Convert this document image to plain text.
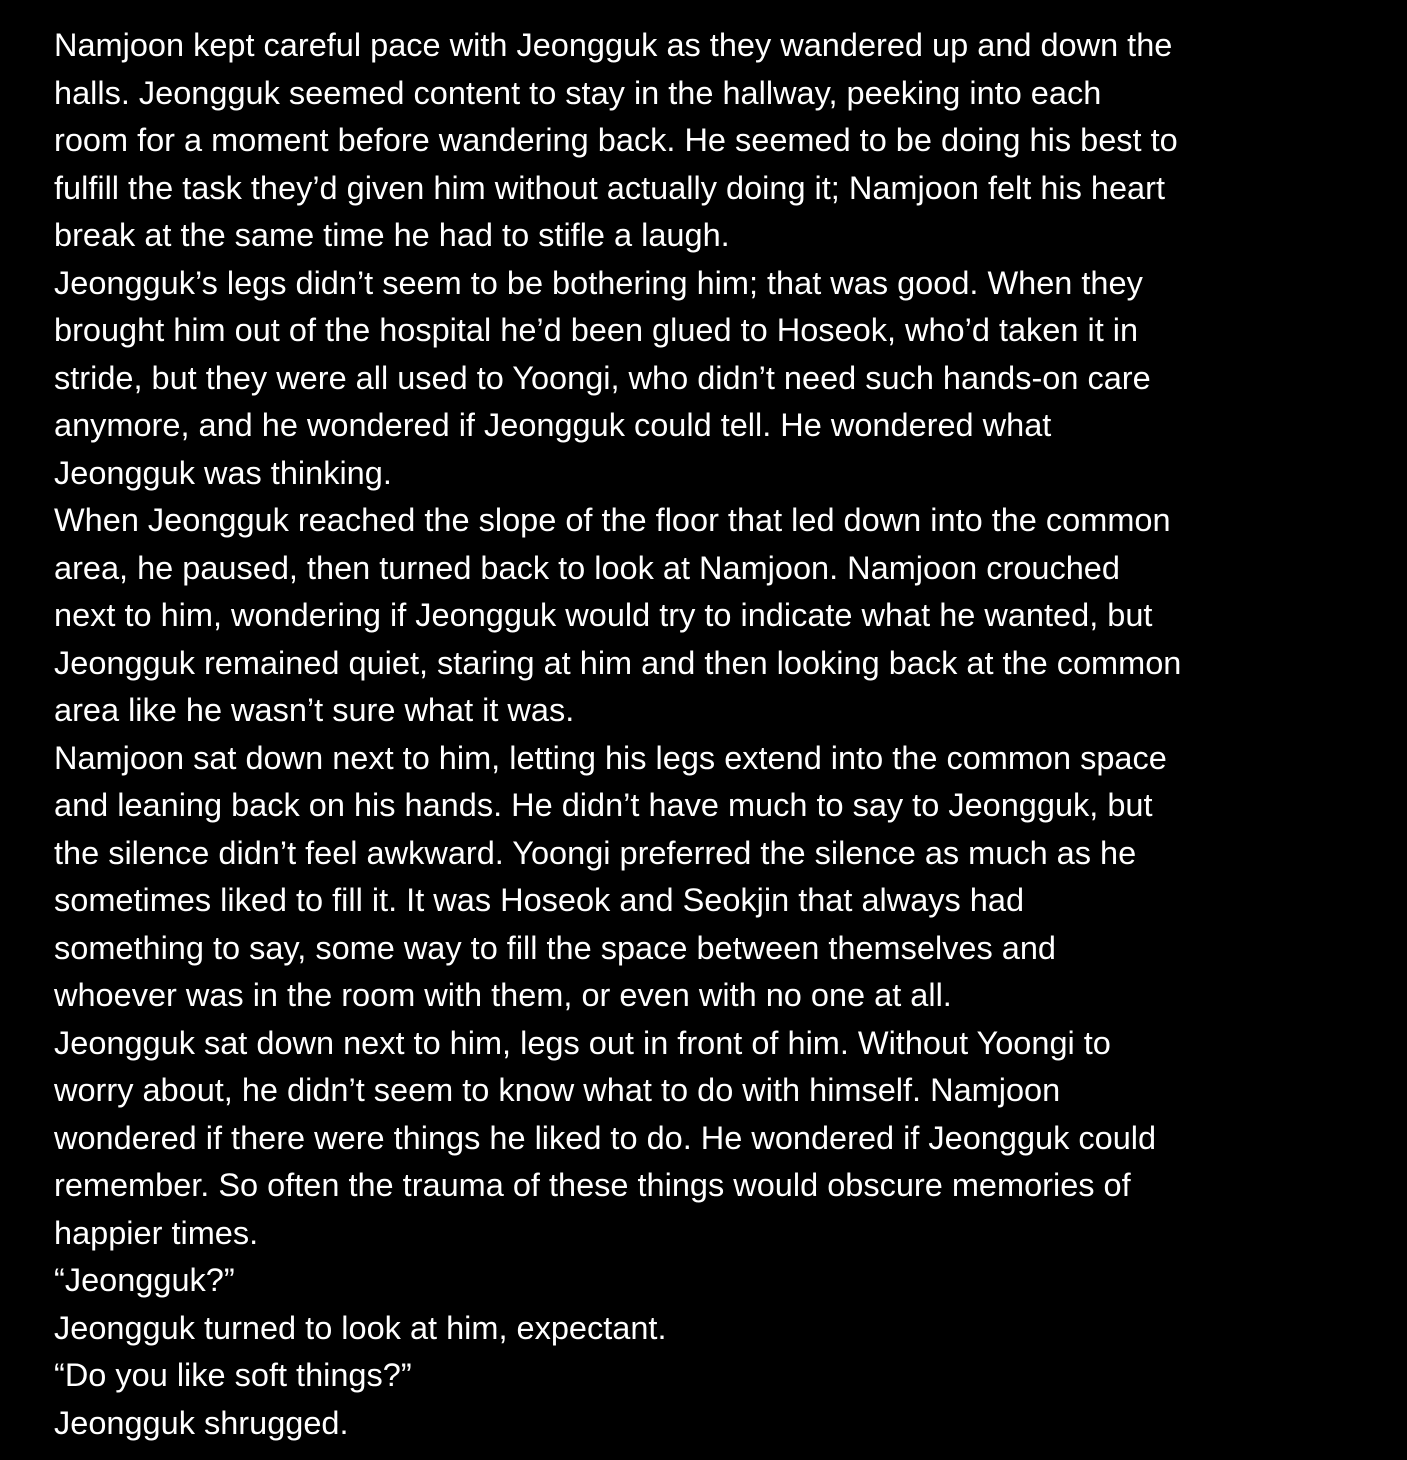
Namjoon kept careful pace with Jeongguk as they wandered up and down the
halls. Jeongguk seemed content to stay in the hallway, peeking into each
room for a moment before wandering back. He seemed to be doing his best to
fulfill the task they’d given him without actually doing it; Namjoon felt his heart
break at the same time he had to stifle a laugh.

Jeongguk’s legs didn’t seem to be bothering him; that was good. When they
brought him out of the hospital he’d been glued to Hoseok, who’d taken it in
stride, but they were all used to Yoongi, who didn’t need such hands-on care
anymore, and he wondered if Jeongguk could tell. He wondered what
Jeongguk was thinking.

When Jeongguk reached the slope of the floor that led down into the common
area, he paused, then turned back to look at Namjoon. Namjoon crouched
next to him, wondering if Jeongguk would try to indicate what he wanted, but
Jeongguk remained quiet, staring at him and then looking back at the common
area like he wasn’t sure what it was.

Namjoon sat down next to him, letting his legs extend into the common space
and leaning back on his hands. He didn’t have much to say to Jeongguk, but
the silence didn’t feel awkward. Yoongi preferred the silence as much as he
sometimes liked to fill it. It was Hoseok and Seokjin that always had
something to say, some way to fill the space between themselves and
whoever was in the room with them, or even with no one at all.

Jeongguk sat down next to him, legs out in front of him. Without Yoongi to
worry about, he didn’t seem to know what to do with himself. Namjoon
wondered if there were things he liked to do. He wondered if Jeongguk could
remember. So often the trauma of these things would obscure memories of
happier times.

“Jeongguk?”

Jeongguk turned to look at him, expectant.

“Do you like soft things?”

Jeongguk shrugged.
